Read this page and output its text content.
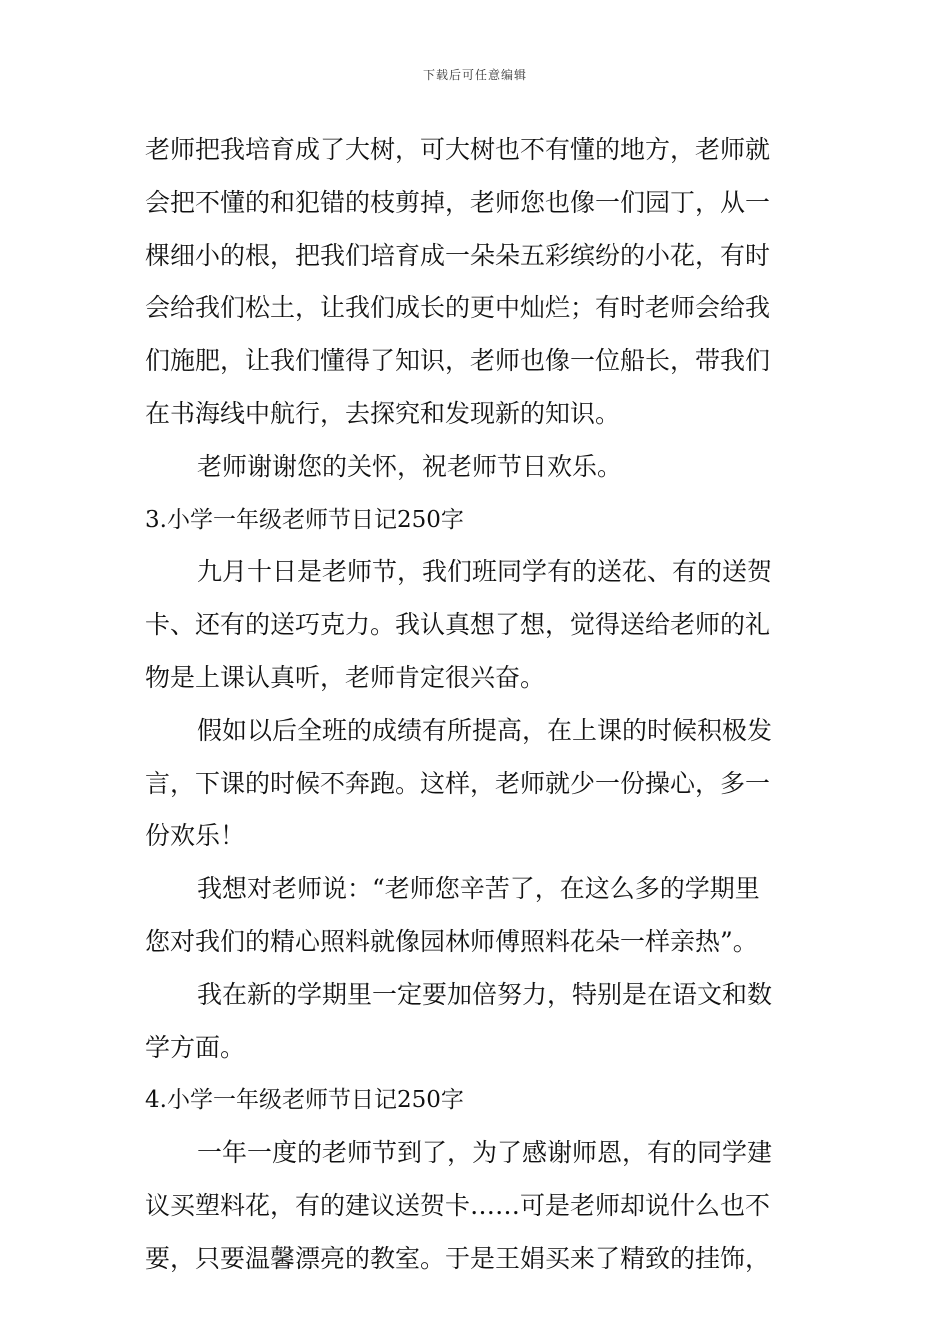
下载后可任意编辑
老师把我培育成了大树，可大树也不有懂的地方，老师就
会把不懂的和犯错的枝剪掉，老师您也像一们园丁，从一
棵细小的根，把我们培育成一朵朵五彩缤纷的小花，有时
会给我们松土，让我们成长的更中灿烂；有时老师会给我
们施肥，让我们懂得了知识，老师也像一位船长，带我们
在书海线中航行，去探究和发现新的知识。
老师谢谢您的关怀，祝老师节日欢乐。
3.小学一年级老师节日记250字
九月十日是老师节，我们班同学有的送花、有的送贺
卡、还有的送巧克力。我认真想了想，觉得送给老师的礼
物是上课认真听，老师肯定很兴奋。
假如以后全班的成绩有所提高，在上课的时候积极发
言，下课的时候不奔跑。这样，老师就少一份操心，多一
份欢乐！
我想对老师说：“老师您辛苦了，在这么多的学期里
您对我们的精心照料就像园林师傅照料花朵一样亲热”。
我在新的学期里一定要加倍努力，特别是在语文和数
学方面。
4.小学一年级老师节日记250字
一年一度的老师节到了，为了感谢师恩，有的同学建
议买塑料花，有的建议送贺卡……可是老师却说什么也不
要，只要温馨漂亮的教室。于是王娟买来了精致的挂饰，
